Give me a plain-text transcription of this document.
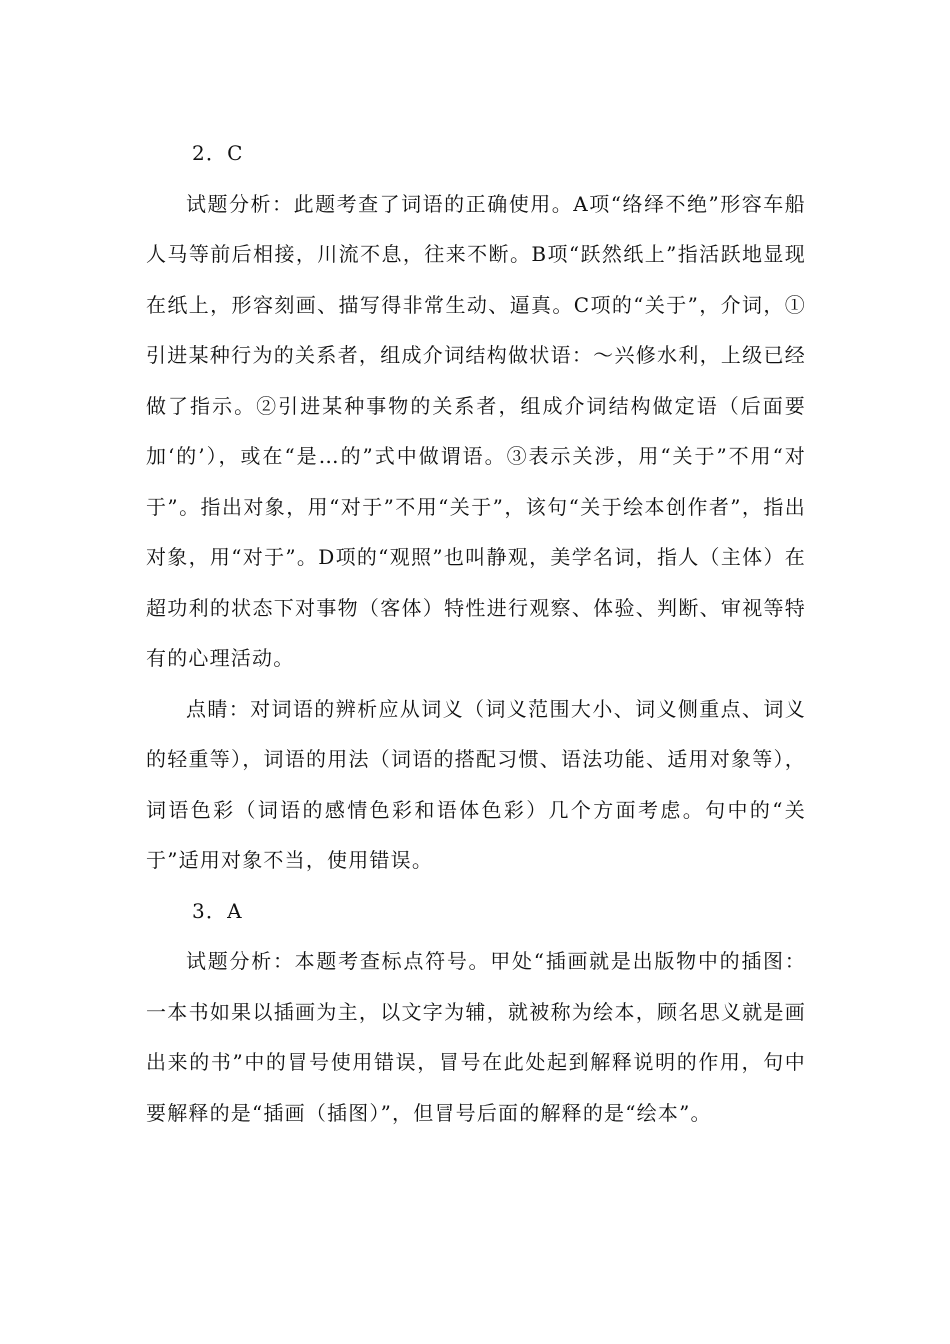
2．C

试题分析：此题考查了词语的正确使用。A项“络绎不绝”形容车船人马等前后相接，川流不息，往来不断。B项“跃然纸上”指活跃地显现在纸上，形容刻画、描写得非常生动、逼真。C项的“关于”，介词，①引进某种行为的关系者，组成介词结构做状语：～兴修水利，上级已经做了指示。②引进某种事物的关系者，组成介词结构做定语（后面要加‘的’），或在“是…的”式中做谓语。③表示关涉，用“关于”不用“对于”。指出对象，用“对于”不用“关于”，该句“关于绘本创作者”，指出对象，用“对于”。D项的“观照”也叫静观，美学名词，指人（主体）在超功利的状态下对事物（客体）特性进行观察、体验、判断、审视等特有的心理活动。

点睛：对词语的辨析应从词义（词义范围大小、词义侧重点、词义的轻重等），词语的用法（词语的搭配习惯、语法功能、适用对象等），词语色彩（词语的感情色彩和语体色彩）几个方面考虑。句中的“关于”适用对象不当，使用错误。

3．A

试题分析：本题考查标点符号。甲处“插画就是出版物中的插图：一本书如果以插画为主，以文字为辅，就被称为绘本，顾名思义就是画出来的书”中的冒号使用错误，冒号在此处起到解释说明的作用，句中要解释的是“插画（插图）”，但冒号后面的解释的是“绘本”。
